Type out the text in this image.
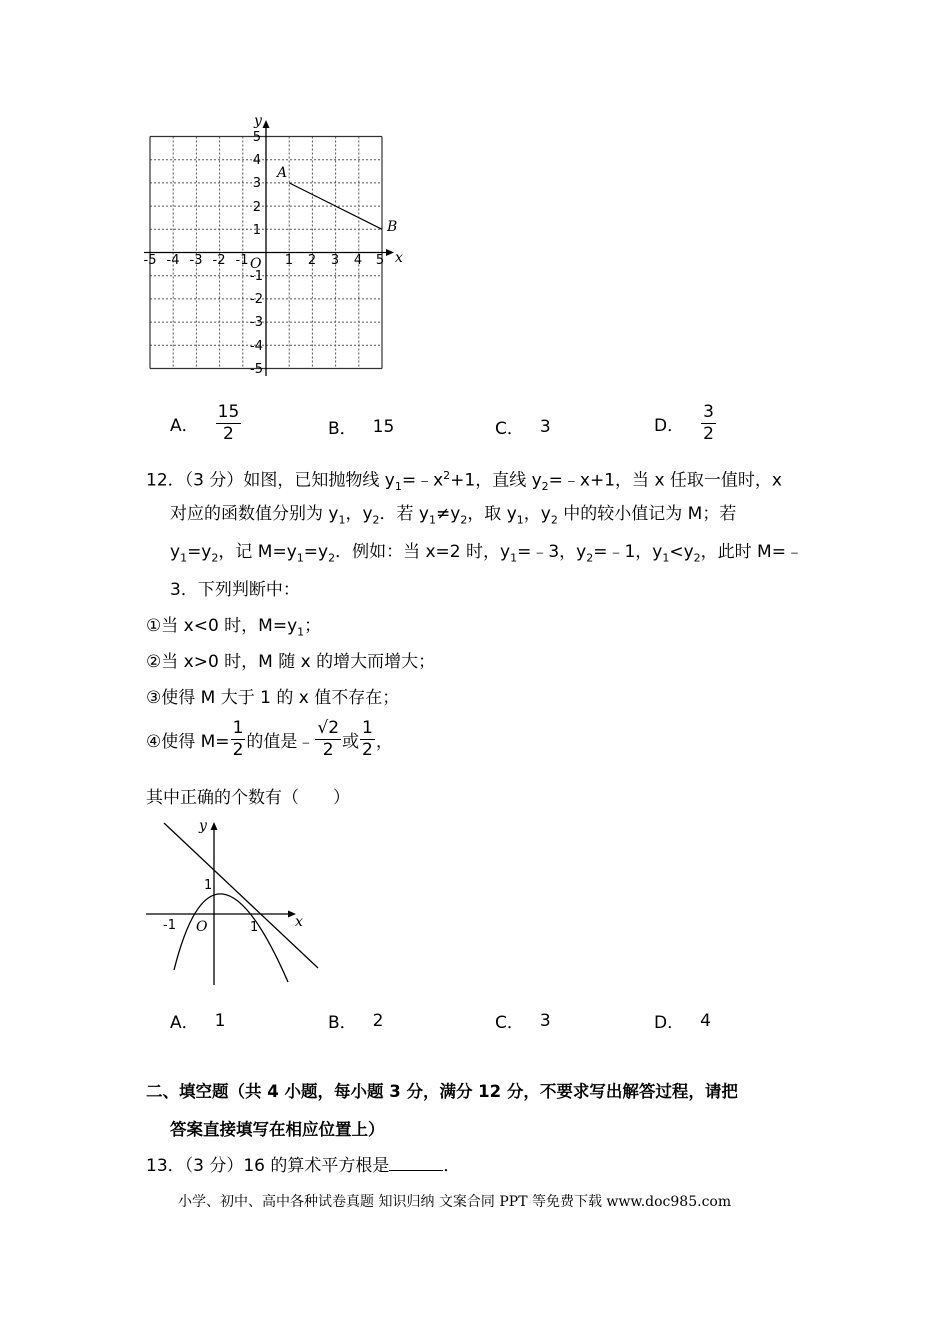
-5 -4 -3 -2 -1	1 2 3 4 5
5
4
3
2
1
-1
-2
-3
-4
-5
O	x
y
A
B
A． $\frac{15}{2}$	B． 15	C． 3	D． $\frac{3}{2}$
12．（3 分）如图，已知抛物线 $y_1=﹣x^2+1$，直线 $y_2=﹣x+1$，当 x 任取一值时，x
对应的函数值分别为 $y_1$，$y_2$．若 $y_1\ne y_2$，取 $y_1$，$y_2$ 中的较小值记为 M；若
$y_1=y_2$，记 $M=y_1=y_2$．例如：当 x=2 时，$y_1=﹣3$，$y_2=﹣1$，$y_1<y_2$，此时 M=﹣
3．下列判断中：
①当 x<0 时，$M=y_1$；
②当 x>0 时，M 随 x 的增大而增大；
③使得 M 大于 1 的 x 值不存在；
④使得 $M= \frac{1}{2}$ 的值是﹣ $\frac{√2}{2}$ 或 $\frac{1}{2}$ ，
其中正确的个数有（　　）
y
x
O
1
-1	1
A． 1	B． 2	C． 3	D． 4
二、填空题（共 4 小题，每小题 3 分，满分 12 分，不要求写出解答过程，请把
答案直接填写在相应位置上）
13．（3 分）16 的算术平方根是	．
小学、初中、高中各种试卷真题 知识归纳 文案合同 PPT 等免费下载 www.doc985.com
